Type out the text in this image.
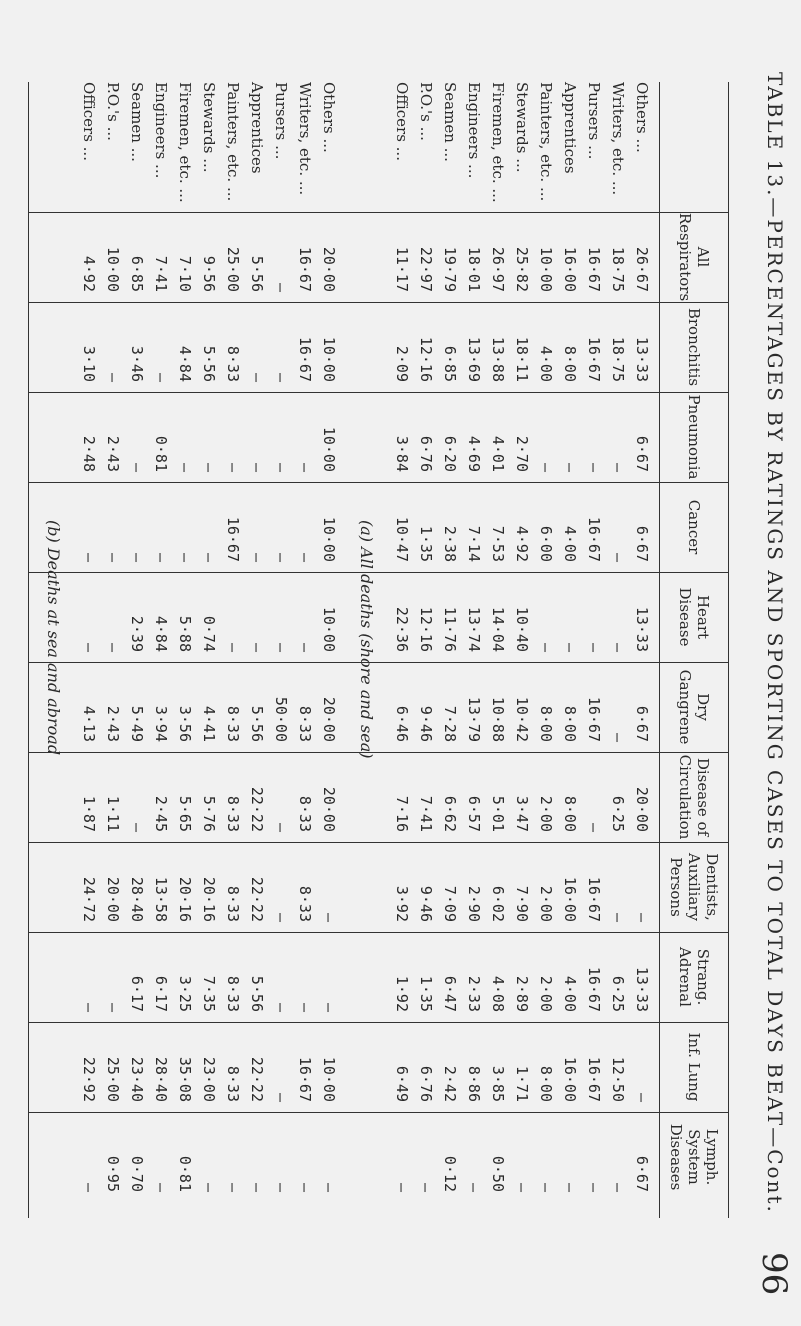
96
TABLE 13.—PERCENTAGES BY RATINGS AND SPORTING CASES TO TOTAL DAYS BEAT—Cont.
All Respirators
Bronchitis
Pneumonia
Cancer
Heart Disease
Dry Gangrene
Disease of Circulation
Dentists, Auxiliary Persons
Strang. Adrenal
Inf. Lung
Lymph. System Diseases
Others ...
26·67
13·33
6·67
6·67
13·33
6·67
20·00
—
13·33
—
6·67
Writers, etc. ...
18·75
18·75
—
—
—
—
6·25
—
6·25
12·50
—
Pursers ...
16·67
16·67
—
16·67
—
16·67
—
16·67
16·67
16·67
—
Apprentices
16·00
8·00
—
4·00
—
8·00
8·00
16·00
4·00
16·00
—
Painters, etc. ...
10·00
4·00
—
6·00
—
8·00
2·00
2·00
2·00
8·00
—
Stewards ...
25·82
18·11
2·70
4·92
10·40
10·42
3·47
7·90
2·89
1·71
—
Firemen, etc. ...
26·97
13·88
4·01
7·53
14·04
10·88
5·01
6·02
4·08
3·85
0·50
Engineers ...
18·01
13·69
4·69
7·14
13·74
13·79
6·57
2·90
2·33
8·86
—
Seamen ...
19·79
6·85
6·20
2·38
11·76
7·28
6·62
7·09
6·47
2·42
0·12
P.O.'s ...
22·97
12·16
6·76
1·35
12·16
9·46
7·41
9·46
1·35
6·76
—
Officers ...
11·17
2·09
3·84
10·47
22·36
6·46
7·16
3·92
1·92
6·49
—
Others ...
20·00
10·00
10·00
10·00
10·00
20·00
20·00
—
—
10·00
—
Writers, etc. ...
16·67
16·67
—
—
—
8·33
8·33
8·33
—
16·67
—
Pursers ...
—
—
—
—
—
50·00
—
—
—
—
—
Apprentices
5·56
—
—
—
—
5·56
22·22
22·22
5·56
22·22
—
Painters, etc. ...
25·00
8·33
—
16·67
—
8·33
8·33
8·33
8·33
8·33
—
Stewards ...
9·56
5·56
—
—
0·74
4·41
5·76
20·16
7·35
23·00
—
Firemen, etc. ...
7·10
4·84
—
—
5·88
3·56
5·65
20·16
3·25
35·08
0·81
Engineers ...
7·41
—
0·81
—
4·84
3·94
2·45
13·58
6·17
28·40
—
Seamen ...
6·85
3·46
—
—
2·39
5·49
—
28·40
6·17
23·40
0·70
P.O.'s ...
10·00
—
2·43
—
—
2·43
1·11
20·00
—
25·00
0·95
Officers ...
4·92
3·10
2·48
—
—
4·13
1·87
24·72
—
22·92
—
(a) All deaths (shore and sea)
(b) Deaths at sea and abroad
